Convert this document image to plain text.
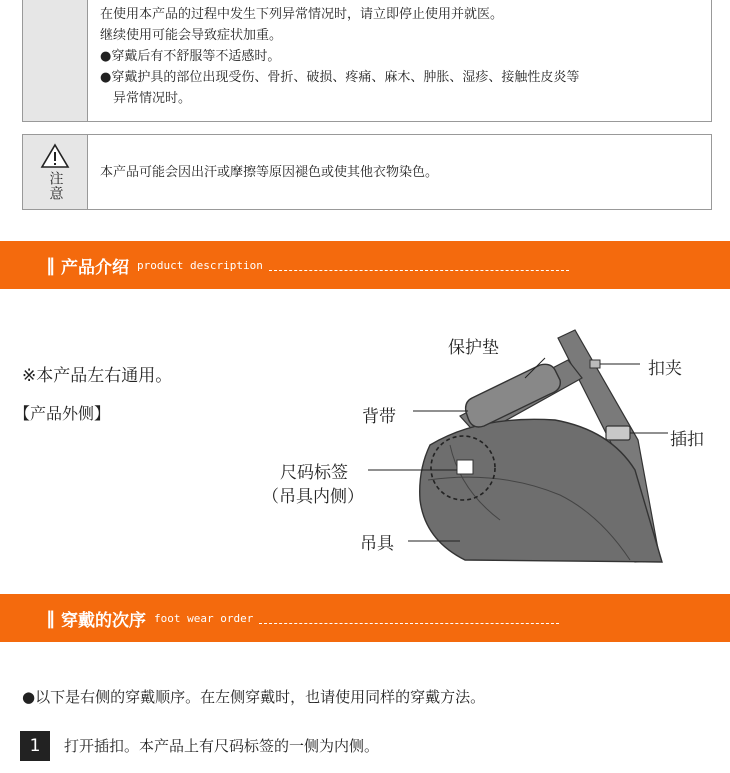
在使用本产品的过程中发生下列异常情况时，请立即停止使用并就医。
继续使用可能会导致症状加重。
●穿戴后有不舒服等不适感时。
●穿戴护具的部位出现受伤、骨折、破损、疼痛、麻木、肿胀、湿疹、接触性皮炎等
　异常情况时。
注意	本产品可能会因出汗或摩擦等原因褪色或使其他衣物染色。
‖ 产品介绍 product description
※本产品左右通用。
【产品外侧】
保护垫
扣夹
背带
插扣
尺码标签
（吊具内侧）
吊具
‖ 穿戴的次序 foot wear order
●以下是右侧的穿戴顺序。在左侧穿戴时，也请使用同样的穿戴方法。
1	打开插扣。本产品上有尺码标签的一侧为内侧。
